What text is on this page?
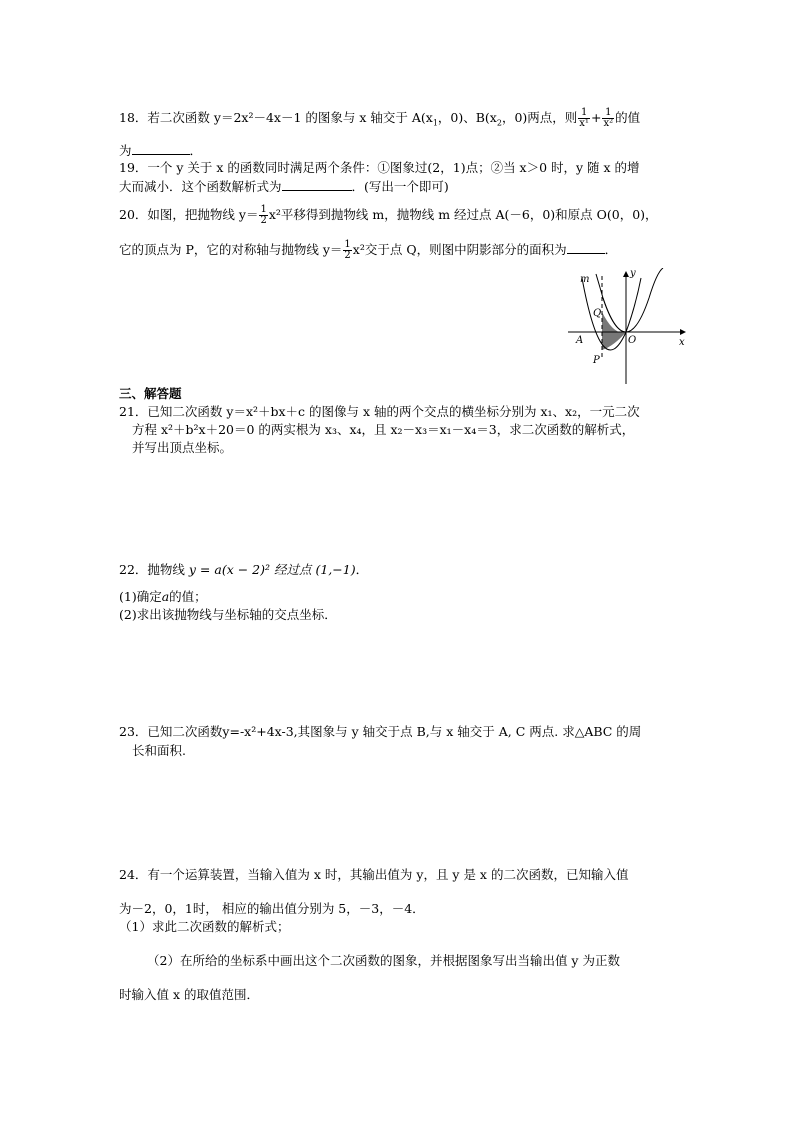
18．若二次函数 y＝2x²－4x－1 的图象与 x 轴交于 $A(x_1$，0)、$B(x_2$，0)两点，则 $\frac{1}{\text{x¹}} + \frac{1}{\text{x²}}$ 的值
为	．
19．一个 y 关于 x 的函数同时满足两个条件：①图象过(2，1)点；②当 x＞0 时，y 随 x 的增
大而减小．这个函数解析式为	．(写出一个即可)
20．如图，把抛物线 $y= \frac{1}{2} x^2$平移得到抛物线 m，抛物线 m 经过点 A(－6，0)和原点 O(0，0)，
它的顶点为 P，它的对称轴与抛物线 $y= \frac{1}{2} x^2$交于点 Q，则图中阴影部分的面积为	．
m
y
Q
A	O	x
P
三、解答题
21．已知二次函数 y＝x²＋bx＋c 的图像与 x 轴的两个交点的横坐标分别为 x₁、x₂，一元二次
方程 x²＋b²x＋20＝0 的两实根为 x₃、x₄，且 x₂－x₃＝x₁－x₄＝3，求二次函数的解析式，
并写出顶点坐标。
22．抛物线 y = a(x − 2)² 经过点 (1,−1)．
(1)确定a的值；
(2)求出该抛物线与坐标轴的交点坐标．
23．已知二次函数y=-x²+4x-3,其图象与 y 轴交于点 B,与 x 轴交于 A, C 两点. 求△ABC 的周
长和面积.
24．有一个运算装置，当输入值为 x 时，其输出值为 y，且 y 是 x 的二次函数，已知输入值
为－2，0，1时， 相应的输出值分别为 5，－3，－4．
（1）求此二次函数的解析式；
（2）在所给的坐标系中画出这个二次函数的图象，并根据图象写出当输出值 y 为正数
时输入值 x 的取值范围．
